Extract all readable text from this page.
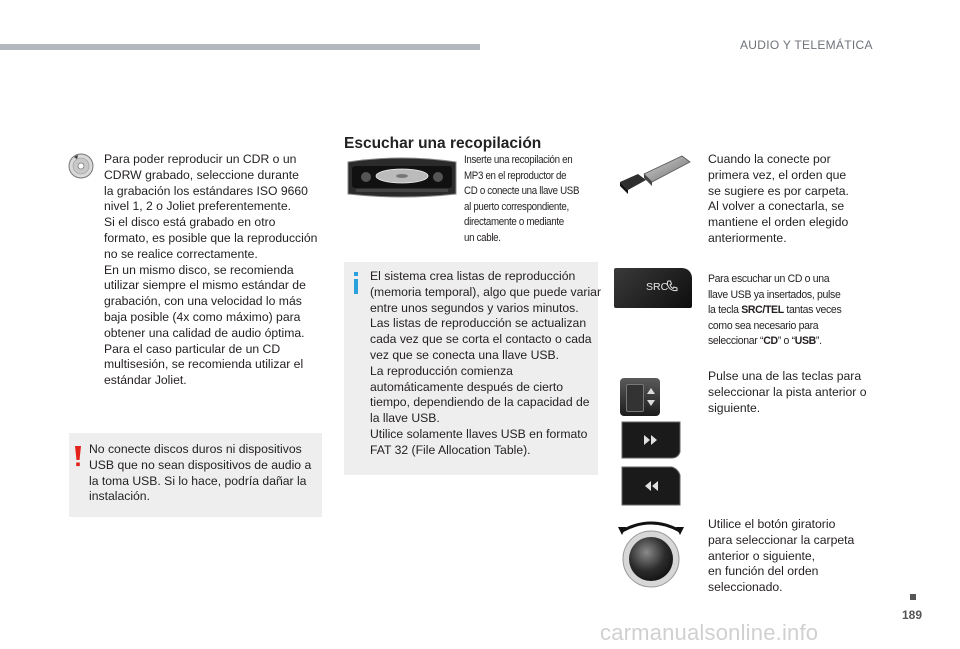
AUDIO Y TELEMÁTICA
Para poder reproducir un CDR o un
CDRW grabado, seleccione durante
la grabación los estándares ISO 9660
nivel 1, 2 o Joliet preferentemente.
Si el disco está grabado en otro
formato, es posible que la reproducción
no se realice correctamente.
En un mismo disco, se recomienda
utilizar siempre el mismo estándar de
grabación, con una velocidad lo más
baja posible (4x como máximo) para
obtener una calidad de audio óptima.
Para el caso particular de un CD
multisesión, se recomienda utilizar el
estándar Joliet.
No conecte discos duros ni dispositivos
USB que no sean dispositivos de audio a
la toma USB. Si lo hace, podría dañar la
instalación.
Escuchar una recopilación
Inserte una recopilación en
MP3 en el reproductor de
CD o conecte una llave USB
al puerto correspondiente,
directamente o mediante
un cable.
El sistema crea listas de reproducción
(memoria temporal), algo que puede variar
entre unos segundos y varios minutos.
Las listas de reproducción se actualizan
cada vez que se corta el contacto o cada
vez que se conecta una llave USB.
La reproducción comienza
automáticamente después de cierto
tiempo, dependiendo de la capacidad de
la llave USB.
Utilice solamente llaves USB en formato
FAT 32 (File Allocation Table).
Cuando la conecte por
primera vez, el orden que
se sugiere es por carpeta.
Al volver a conectarla, se
mantiene el orden elegido
anteriormente.
SRC
Para escuchar un CD o una
llave USB ya insertados, pulse
la tecla SRC/TEL tantas veces
como sea necesario para
seleccionar “CD” o “USB”.
Pulse una de las teclas para
seleccionar la pista anterior o
siguiente.
Utilice el botón giratorio
para seleccionar la carpeta
anterior o siguiente,
en función del orden
seleccionado.
189
carmanualsonline.info
